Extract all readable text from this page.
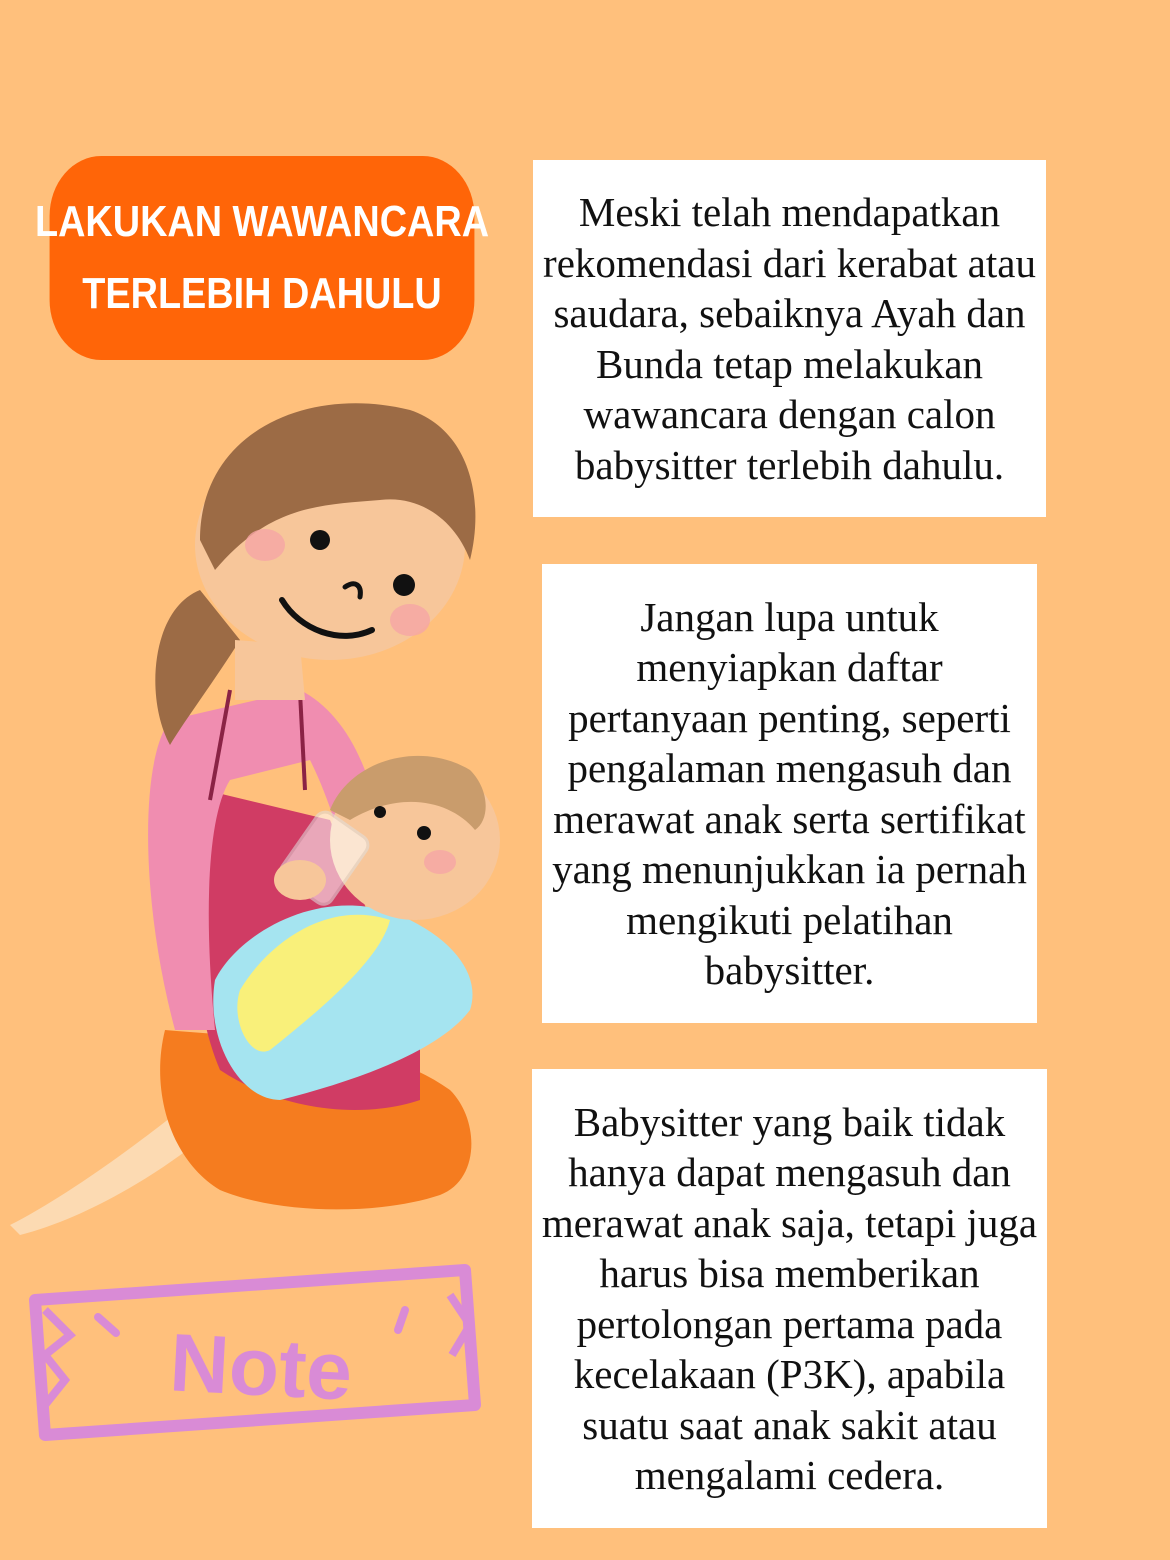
LAKUKAN WAWANCARA
TERLEBIH DAHULU

Meski telah mendapatkan rekomendasi dari kerabat atau saudara, sebaiknya Ayah dan Bunda tetap melakukan wawancara dengan calon babysitter terlebih dahulu.

Jangan lupa untuk menyiapkan daftar pertanyaan penting, seperti pengalaman mengasuh dan merawat anak serta sertifikat yang menunjukkan ia pernah mengikuti pelatihan babysitter.

Babysitter yang baik tidak hanya dapat mengasuh dan merawat anak saja, tetapi juga harus bisa memberikan pertolongan pertama pada kecelakaan (P3K), apabila suatu saat anak sakit atau mengalami cedera.

Note
